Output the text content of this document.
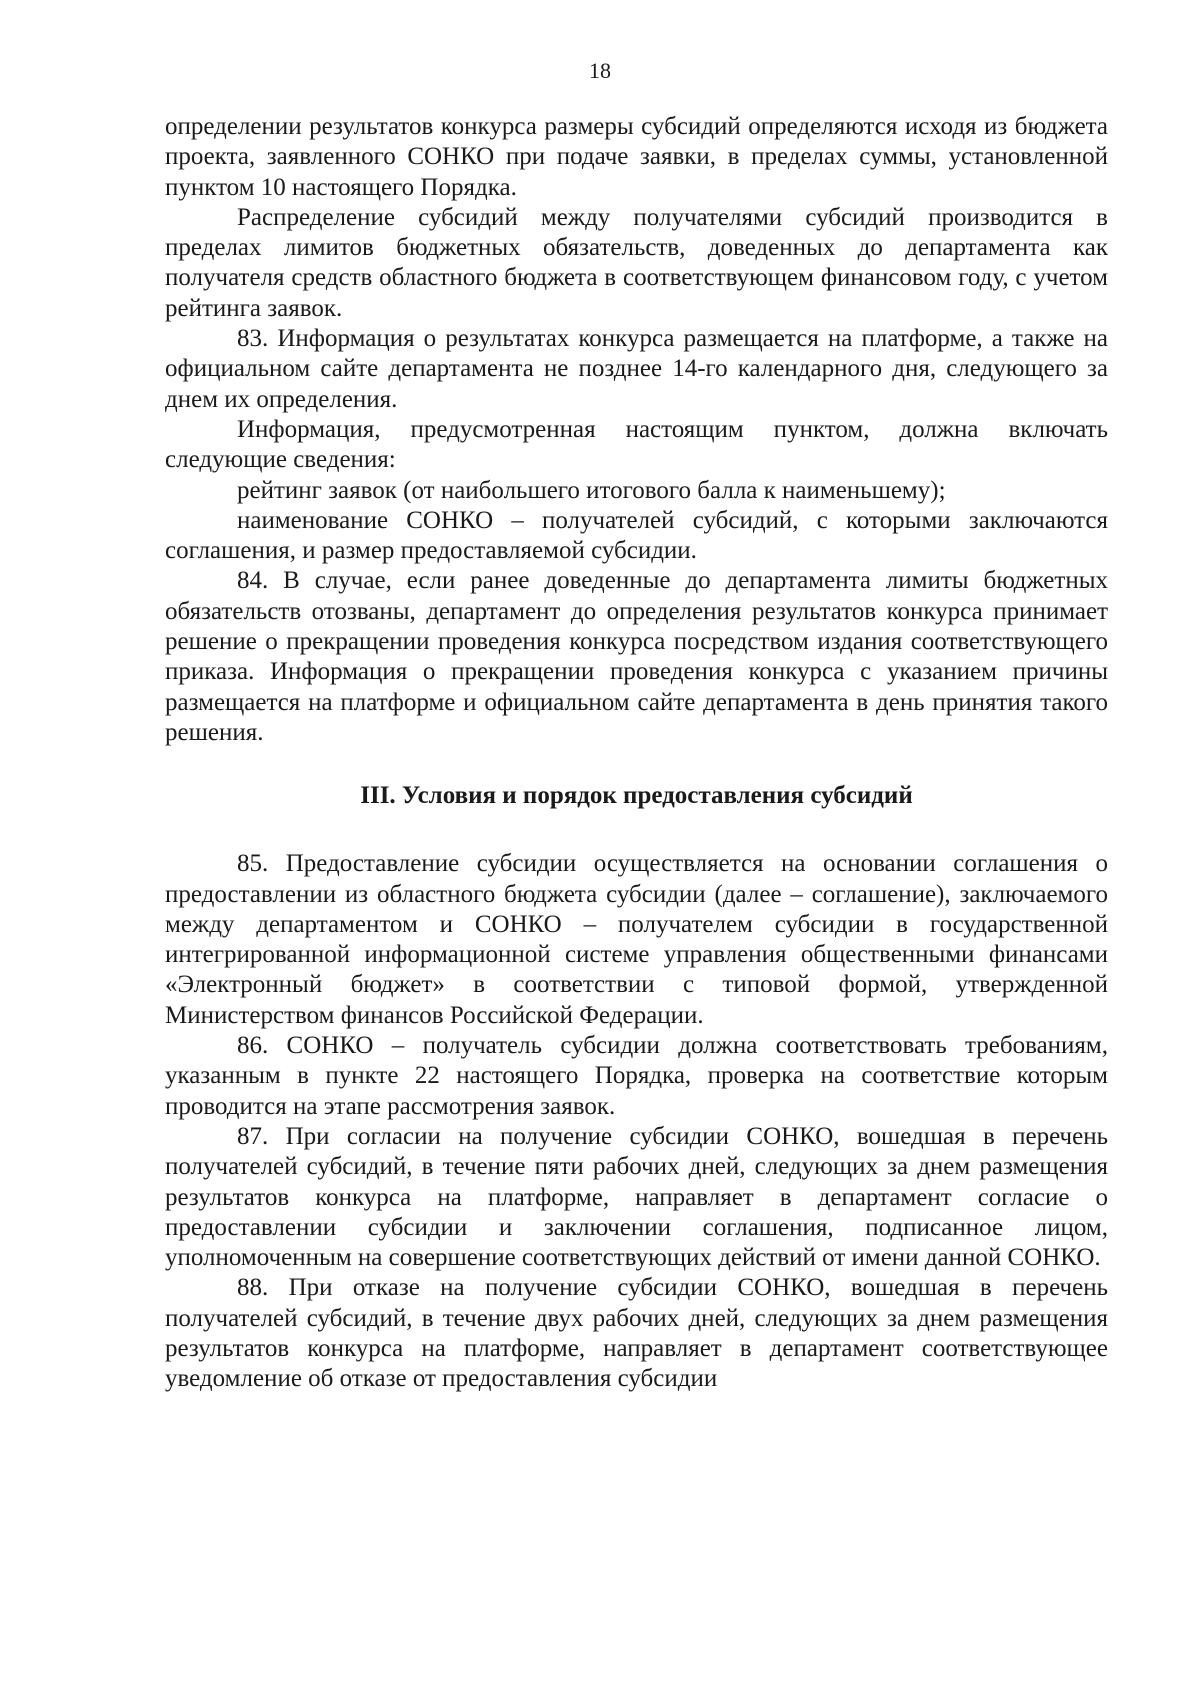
18

определении результатов конкурса размеры субсидий определяются исходя из бюджета проекта, заявленного СОНКО при подаче заявки, в пределах суммы, установленной пунктом 10 настоящего Порядка.

Распределение субсидий между получателями субсидий производится в пределах лимитов бюджетных обязательств, доведенных до департамента как получателя средств областного бюджета в соответствующем финансовом году, с учетом рейтинга заявок.

83. Информация о результатах конкурса размещается на платформе, а также на официальном сайте департамента не позднее 14-го календарного дня, следующего за днем их определения.

Информация, предусмотренная настоящим пунктом, должна включать следующие сведения:

рейтинг заявок (от наибольшего итогового балла к наименьшему);

наименование СОНКО – получателей субсидий, с которыми заключаются соглашения, и размер предоставляемой субсидии.

84. В случае, если ранее доведенные до департамента лимиты бюджетных обязательств отозваны, департамент до определения результатов конкурса принимает решение о прекращении проведения конкурса посредством издания соответствующего приказа. Информация о прекращении проведения конкурса с указанием причины размещается на платформе и официальном сайте департамента в день принятия такого решения.

III. Условия и порядок предоставления субсидий

85. Предоставление субсидии осуществляется на основании соглашения о предоставлении из областного бюджета субсидии (далее – соглашение), заключаемого между департаментом и СОНКО – получателем субсидии в государственной интегрированной информационной системе управления общественными финансами «Электронный бюджет» в соответствии с типовой формой, утвержденной Министерством финансов Российской Федерации.

86. СОНКО – получатель субсидии должна соответствовать требованиям, указанным в пункте 22 настоящего Порядка, проверка на соответствие которым проводится на этапе рассмотрения заявок.

87. При согласии на получение субсидии СОНКО, вошедшая в перечень получателей субсидий, в течение пяти рабочих дней, следующих за днем размещения результатов конкурса на платформе, направляет в департамент согласие о предоставлении субсидии и заключении соглашения, подписанное лицом, уполномоченным на совершение соответствующих действий от имени данной СОНКО.

88. При отказе на получение субсидии СОНКО, вошедшая в перечень получателей субсидий, в течение двух рабочих дней, следующих за днем размещения результатов конкурса на платформе, направляет в департамент соответствующее уведомление об отказе от предоставления субсидии
